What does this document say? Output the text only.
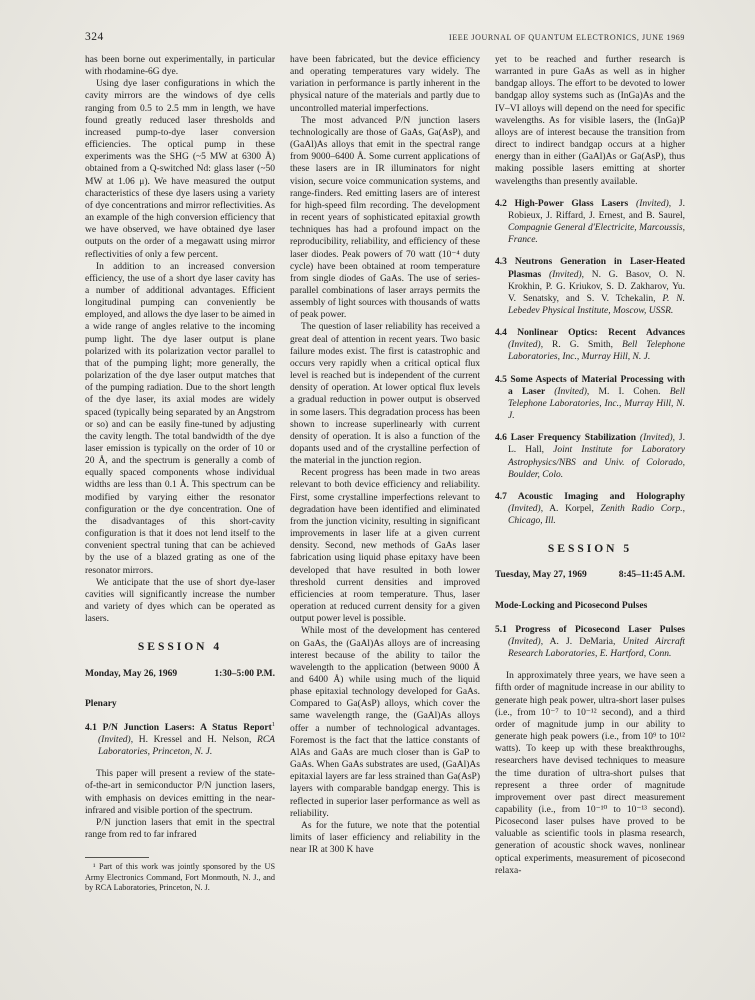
324	IEEE JOURNAL OF QUANTUM ELECTRONICS, JUNE 1969
has been borne out experimentally, in particular with rhodamine-6G dye.
Using dye laser configurations in which the cavity mirrors are the windows of dye cells ranging from 0.5 to 2.5 mm in length, we have found greatly reduced laser thresholds and increased pump-to-dye laser conversion efficiencies. The optical pump in these experiments was the SHG (~5 MW at 6300 Å) obtained from a Q-switched Nd: glass laser (~50 MW at 1.06 μ). We have measured the output characteristics of these dye lasers using a variety of dye concentrations and mirror reflectivities. As an example of the high conversion efficiency that we have observed, we have obtained dye laser outputs on the order of a megawatt using mirror reflectivities of only a few percent.
In addition to an increased conversion efficiency, the use of a short dye laser cavity has a number of additional advantages. Efficient longitudinal pumping can conveniently be employed, and allows the dye laser to be aimed in a wide range of angles relative to the incoming pump light. The dye laser output is plane polarized with its polarization vector parallel to that of the pumping light; more generally, the polarization of the dye laser output matches that of the pumping radiation. Due to the short length of the dye laser, its axial modes are widely spaced (typically being separated by an Angstrom or so) and can be easily fine-tuned by adjusting the cavity length. The total bandwidth of the dye laser emission is typically on the order of 10 or 20 Å, and the spectrum is generally a comb of equally spaced components whose individual widths are less than 0.1 Å. This spectrum can be modified by varying either the resonator configuration or the dye concentration. One of the disadvantages of this short-cavity configuration is that it does not lend itself to the convenient spectral tuning that can be achieved by the use of a blazed grating as one of the resonator mirrors.
We anticipate that the use of short dye-laser cavities will significantly increase the number and variety of dyes which can be operated as lasers.
SESSION 4
Monday, May 26, 1969	1:30–5:00 P.M.
Plenary
4.1 P/N Junction Lasers: A Status Report$^1$ (Invited), H. Kressel and H. Nelson, RCA Laboratories, Princeton, N. J.
This paper will present a review of the state-of-the-art in semiconductor P/N junction lasers, with emphasis on devices emitting in the near-infrared and visible portion of the spectrum.
P/N junction lasers that emit in the spectral range from red to far infrared
¹ Part of this work was jointly sponsored by the US Army Electronics Command, Fort Monmouth, N. J., and by RCA Laboratories, Princeton, N. J.
have been fabricated, but the device efficiency and operating temperatures vary widely. The variation in performance is partly inherent in the physical nature of the materials and partly due to uncontrolled material imperfections.
The most advanced P/N junction lasers technologically are those of GaAs, Ga(AsP), and (GaAl)As alloys that emit in the spectral range from 9000–6400 Å. Some current applications of these lasers are in IR illuminators for night vision, secure voice communication systems, and range-finders. Red emitting lasers are of interest for high-speed film recording. The development in recent years of sophisticated epitaxial growth techniques has had a profound impact on the reproducibility, reliability, and efficiency of these laser diodes. Peak powers of 70 watt (10⁻⁴ duty cycle) have been obtained at room temperature from single diodes of GaAs. The use of series-parallel combinations of laser arrays permits the assembly of light sources with thousands of watts of peak power.
The question of laser reliability has received a great deal of attention in recent years. Two basic failure modes exist. The first is catastrophic and occurs very rapidly when a critical optical flux level is reached but is independent of the current density of operation. At lower optical flux levels a gradual reduction in power output is observed in some lasers. This degradation process has been shown to increase superlinearly with current density of operation. It is also a function of the dopants used and of the crystalline perfection of the material in the junction region.
Recent progress has been made in two areas relevant to both device efficiency and reliability. First, some crystalline imperfections relevant to degradation have been identified and eliminated from the junction vicinity, resulting in significant improvements in laser life at a given current density. Second, new methods of GaAs laser fabrication using liquid phase epitaxy have been developed that have resulted in both lower threshold current densities and improved efficiencies at room temperature. Thus, laser operation at reduced current density for a given output power level is possible.
While most of the development has centered on GaAs, the (GaAl)As alloys are of increasing interest because of the ability to tailor the wavelength to the application (between 9000 Å and 6400 Å) while using much of the liquid phase epitaxial technology developed for GaAs. Compared to Ga(AsP) alloys, which cover the same wavelength range, the (GaAl)As alloys offer a number of technological advantages. Foremost is the fact that the lattice constants of AlAs and GaAs are much closer than is GaP to GaAs. When GaAs substrates are used, (GaAl)As epitaxial layers are far less strained than Ga(AsP) layers with comparable bandgap energy. This is reflected in superior laser performance as well as reliability.
As for the future, we note that the potential limits of laser efficiency and reliability in the near IR at 300 K have
yet to be reached and further research is warranted in pure GaAs as well as in higher bandgap alloys. The effort to be devoted to lower bandgap alloy systems such as (InGa)As and the IV–VI alloys will depend on the need for specific wavelengths. As for visible lasers, the (InGa)P alloys are of interest because the transition from direct to indirect bandgap occurs at a higher energy than in either (GaAl)As or Ga(AsP), thus making possible lasers emitting at shorter wavelengths than presently available.
4.2 High-Power Glass Lasers (Invited), J. Robieux, J. Riffard, J. Ernest, and B. Saurel, Compagnie General d'Electricite, Marcoussis, France.
4.3 Neutrons Generation in Laser-Heated Plasmas (Invited), N. G. Basov, O. N. Krokhin, P. G. Kriukov, S. D. Zakharov, Yu. V. Senatsky, and S. V. Tchekalin, P. N. Lebedev Physical Institute, Moscow, USSR.
4.4 Nonlinear Optics: Recent Advances (Invited), R. G. Smith, Bell Telephone Laboratories, Inc., Murray Hill, N. J.
4.5 Some Aspects of Material Processing with a Laser (Invited), M. I. Cohen. Bell Telephone Laboratories, Inc., Murray Hill, N. J.
4.6 Laser Frequency Stabilization (Invited), J. L. Hall, Joint Institute for Laboratory Astrophysics/NBS and Univ. of Colorado, Boulder, Colo.
4.7 Acoustic Imaging and Holography (Invited), A. Korpel, Zenith Radio Corp., Chicago, Ill.
SESSION 5
Tuesday, May 27, 1969	8:45–11:45 A.M.
Mode-Locking and Picosecond Pulses
5.1 Progress of Picosecond Laser Pulses (Invited), A. J. DeMaria, United Aircraft Research Laboratories, E. Hartford, Conn.
In approximately three years, we have seen a fifth order of magnitude increase in our ability to generate high peak power, ultra-short laser pulses (i.e., from 10⁻⁷ to 10⁻¹² second), and a third order of magnitude jump in our ability to generate high peak powers (i.e., from 10⁹ to 10¹² watts). To keep up with these breakthroughs, researchers have devised techniques to measure the time duration of ultra-short pulses that represent a three order of magnitude improvement over past direct measurement capability (i.e., from 10⁻¹⁰ to 10⁻¹³ second). Picosecond laser pulses have proved to be valuable as scientific tools in plasma research, generation of acoustic shock waves, nonlinear optical experiments, measurement of picosecond relaxa-
